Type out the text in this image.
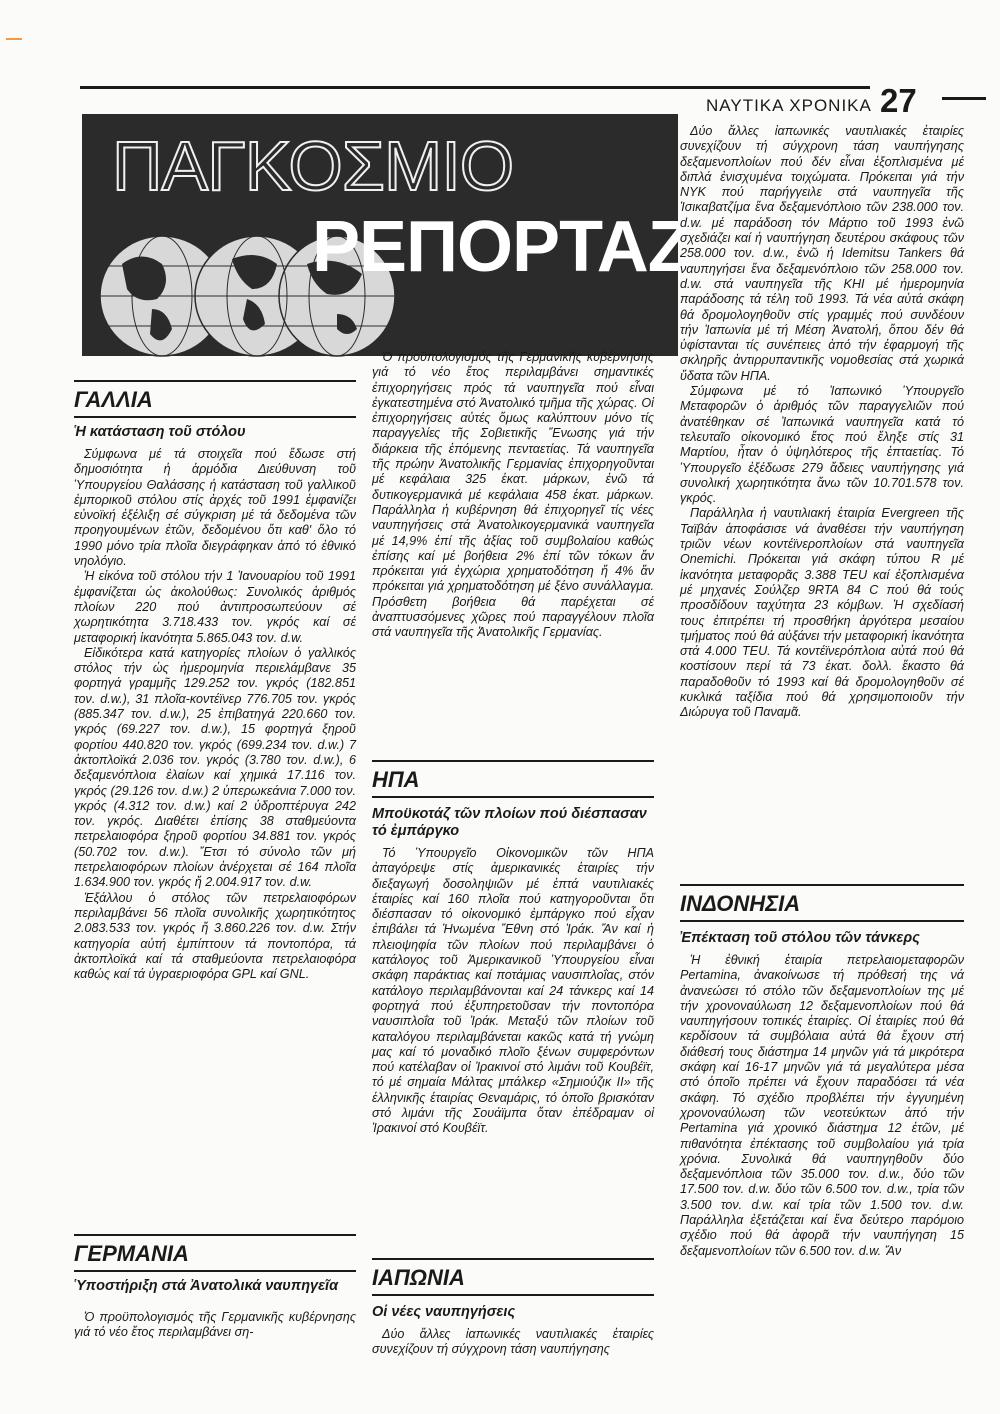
ΝΑΥΤΙΚΑ ΧΡΟΝΙΚΑ 27
ΠΑΓΚΟΣΜΙΟ
ΡΕΠΟΡΤΑΖ
ΓΑΛΛΙΑ
Ἡ κατάσταση τοῦ στόλου

Σύμφωνα μέ τά στοιχεῖα πού ἔδωσε στή δημοσιότητα ἡ ἁρμόδια Διεύθυνση τοῦ Ὑπουργείου Θαλάσσης ἡ κατάσταση τοῦ γαλλικοῦ ἐμπορικοῦ στόλου στίς ἀρχές τοῦ 1991 ἐμφανίζει εὐνοϊκή ἐξέλιξη σέ σύγκριση μέ τά δεδομένα τῶν προηγουμένων ἐτῶν, δεδομένου ὅτι καθ' ὅλο τό 1990 μόνο τρία πλοῖα διεγράφηκαν ἀπό τό ἐθνικό νηολόγιο.

Ἡ εἰκόνα τοῦ στόλου τήν 1 Ἰανουαρίου τοῦ 1991 ἐμφανίζεται ὡς ἀκολούθως: Συνολικός ἀριθμός πλοίων 220 πού ἀντιπροσωπεύουν σέ χωρητικότητα 3.718.433 τον. γκρός καί σέ μεταφορική ἱκανότητα 5.865.043 τον. d.w.

Εἰδικότερα κατά κατηγορίες πλοίων ὁ γαλλικός στόλος τήν ὡς ἡμερομηνία περιελάμβανε 35 φορτηγά γραμμῆς 129.252 τον. γκρός (182.851 τον. d.w.), 31 πλοῖα-κοντέϊνερ 776.705 τον. γκρός (885.347 τον. d.w.), 25 ἐπιβατηγά 220.660 τον. γκρός (69.227 τον. d.w.), 15 φορτηγά ξηροῦ φορτίου 440.820 τον. γκρός (699.234 τον. d.w.) 7 ἀκτοπλοϊκά 2.036 τον. γκρός (3.780 τον. d.w.), 6 δεξαμενόπλοια ἐλαίων καί χημικά 17.116 τον. γκρός (29.126 τον. d.w.) 2 ὑπερωκεάνια 7.000 τον. γκρός (4.312 τον. d.w.) καί 2 ὑδροπτέρυγα 242 τον. γκρός. Διαθέτει ἐπίσης 38 σταθμεύοντα πετρελαιοφόρα ξηροῦ φορτίου 34.881 τον. γκρός (50.702 τον. d.w.). Ἔτσι τό σύνολο τῶν μή πετρελαιοφόρων πλοίων ἀνέρχεται σέ 164 πλοῖα 1.634.900 τον. γκρός ἤ 2.004.917 τον. d.w.

Ἐξάλλου ὁ στόλος τῶν πετρελαιοφόρων περιλαμβάνει 56 πλοῖα συνολικῆς χωρητικότητος 2.083.533 τον. γκρός ἤ 3.860.226 τον. d.w. Στήν κατηγορία αὐτή ἐμπίπτουν τά ποντοπόρα, τά ἀκτοπλοϊκά καί τά σταθμεύοντα πετρελαιοφόρα καθώς καί τά ὑγραεριοφόρα GPL καί GNL.

ΓΕΡΜΑΝΙΑ
Ὑποστήριξη στά Ἀνατολικά ναυπηγεῖα

Ὁ προϋπολογισμός τῆς Γερμανικῆς κυβέρνησης γιά τό νέο ἔτος περιλαμβάνει ση-

Ὁ προϋπολογισμός τῆς Γερμανικῆς κυβέρνησης γιά τό νέο ἔτος περιλαμβάνει σημαντικές ἐπιχορηγήσεις πρός τά ναυπηγεῖα πού εἶναι ἐγκατεστημένα στό Ἀνατολικό τμῆμα τῆς χώρας. Οἱ ἐπιχορηγήσεις αὐτές ὅμως καλύπτουν μόνο τίς παραγγελίες τῆς Σοβιετικῆς Ἕνωσης γιά τήν διάρκεια τῆς ἑπόμενης πενταετίας. Τά ναυπηγεῖα τῆς πρώην Ἀνατολικῆς Γερμανίας ἐπιχορηγοῦνται μέ κεφάλαια 325 ἑκατ. μάρκων, ἐνῶ τά δυτικογερμανικά μέ κεφάλαια 458 ἑκατ. μάρκων. Παράλληλα ἡ κυβέρνηση θά ἐπιχορηγεῖ τίς νέες ναυπηγήσεις στά Ἀνατολικογερμανικά ναυπηγεῖα μέ 14,9% ἐπί τῆς ἀξίας τοῦ συμβολαίου καθώς ἐπίσης καί μέ βοήθεια 2% ἐπί τῶν τόκων ἄν πρόκειται γιά ἐγχώρια χρηματοδότηση ἤ 4% ἄν πρόκειται γιά χρηματοδότηση μέ ξένο συνάλλαγμα. Πρόσθετη βοήθεια θά παρέχεται σέ ἀναπτυσσόμενες χῶρες πού παραγγέλουν πλοῖα στά ναυπηγεῖα τῆς Ἀνατολικῆς Γερμανίας.

ΗΠΑ
Μποϋκοτάζ τῶν πλοίων πού διέσπασαν τό ἐμπάργκο

Τό Ὑπουργεῖο Οἰκονομικῶν τῶν ΗΠΑ ἀπαγόρεψε στίς ἀμερικανικές ἑταιρίες τήν διεξαγωγή δοσοληψιῶν μέ ἑπτά ναυτιλιακές ἑταιρίες καί 160 πλοῖα πού κατηγοροῦνται ὅτι διέσπασαν τό οἰκονομικό ἐμπάργκο πού εἶχαν ἐπιβάλει τά Ἡνωμένα Ἔθνη στό Ἰράκ. Ἄν καί ἡ πλειοψηφία τῶν πλοίων πού περιλαμβάνει ὁ κατάλογος τοῦ Ἀμερικανικοῦ Ὑπουργείου εἶναι σκάφη παράκτιας καί ποτάμιας ναυσιπλοΐας, στόν κατάλογο περιλαμβάνονται καί 24 τάνκερς καί 14 φορτηγά πού ἐξυπηρετοῦσαν τήν ποντοπόρα ναυσιπλοΐα τοῦ Ἰράκ. Μεταξύ τῶν πλοίων τοῦ καταλόγου περιλαμβάνεται κακῶς κατά τή γνώμη μας καί τό μοναδικό πλοῖο ξένων συμφερόντων πού κατέλαβαν οἱ Ἰρακινοί στό λιμάνι τοῦ Κουβέϊτ, τό μέ σημαία Μάλτας μπάλκερ «Σημιούζικ ΙΙ» τῆς ἑλληνικῆς ἑταιρίας Θεναμάρις, τό ὁποῖο βρισκόταν στό λιμάνι τῆς Σουάϊμπα ὅταν ἐπέδραμαν οἱ Ἰρακινοί στό Κουβέϊτ.

ΙΑΠΩΝΙΑ
Οἱ νέες ναυπηγήσεις

Δύο ἄλλες ἰαπωνικές ναυτιλιακές ἑταιρίες συνεχίζουν τή σύγχρονη τάση ναυπήγησης

Δύο ἄλλες ἰαπωνικές ναυτιλιακές ἑταιρίες συνεχίζουν τή σύγχρονη τάση ναυπήγησης δεξαμενοπλοίων πού δέν εἶναι ἐξοπλισμένα μέ διπλά ἐνισχυμένα τοιχώματα. Πρόκειται γιά τήν NYK πού παρήγγειλε στά ναυπηγεῖα τῆς Ἰσικαβατζίμα ἕνα δεξαμενόπλοιο τῶν 238.000 τον. d.w. μέ παράδοση τόν Μάρτιο τοῦ 1993 ἐνῶ σχεδιάζει καί ἡ ναυπήγηση δευτέρου σκάφους τῶν 258.000 τον. d.w., ἐνῶ ἡ Idemitsu Tankers θά ναυπηγήσει ἕνα δεξαμενόπλοιο τῶν 258.000 τον. d.w. στά ναυπηγεῖα τῆς ΚΗΙ μέ ἡμερομηνία παράδοσης τά τέλη τοῦ 1993. Τά νέα αὐτά σκάφη θά δρομολογηθοῦν στίς γραμμές πού συνδέουν τήν Ἰαπωνία μέ τή Μέση Ἀνατολή, ὅπου δέν θά ὑφίστανται τίς συνέπειες ἀπό τήν ἐφαρμογή τῆς σκληρῆς ἀντιρρυπαντικῆς νομοθεσίας στά χωρικά ὕδατα τῶν ΗΠΑ.

Σύμφωνα μέ τό Ἰαπωνικό Ὑπουργεῖο Μεταφορῶν ὁ ἀριθμός τῶν παραγγελιῶν πού ἀνατέθηκαν σέ Ἰαπωνικά ναυπηγεῖα κατά τό τελευταῖο οἰκονομικό ἔτος πού ἔληξε στίς 31 Μαρτίου, ἦταν ὁ ὑψηλότερος τῆς ἑπταετίας. Τό Ὑπουργεῖο ἐξέδωσε 279 ἄδειες ναυπήγησης γιά συνολική χωρητικότητα ἄνω τῶν 10.701.578 τον. γκρός.

Παράλληλα ἡ ναυτιλιακή ἑταιρία Evergreen τῆς Ταϊβάν ἀποφάσισε νά ἀναθέσει τήν ναυπήγηση τριῶν νέων κοντέϊνεροπλοίων στά ναυπηγεῖα Onemichi. Πρόκειται γιά σκάφη τύπου R μέ ἱκανότητα μεταφορᾶς 3.388 TEU καί ἐξοπλισμένα μέ μηχανές Σούλζερ 9RTA 84 C πού θά τούς προσδίδουν ταχύτητα 23 κόμβων. Ἡ σχεδίασή τους ἐπιτρέπει τή προσθήκη ἀργότερα μεσαίου τμήματος πού θά αὐξάνει τήν μεταφορική ἱκανότητα στά 4.000 TEU. Τά κοντέϊνερόπλοια αὐτά πού θά κοστίσουν περί τά 73 ἑκατ. δολλ. ἕκαστο θά παραδοθοῦν τό 1993 καί θά δρομολογηθοῦν σέ κυκλικά ταξίδια πού θά χρησιμοποιοῦν τήν Διώρυγα τοῦ Παναμᾶ.

ΙΝΔΟΝΗΣΙΑ
Ἐπέκταση τοῦ στόλου τῶν τάνκερς

Ἡ ἐθνική ἑταιρία πετρελαιομεταφορῶν Pertamina, ἀνακοίνωσε τή πρόθεσή της νά ἀνανεώσει τό στόλο τῶν δεξαμενοπλοίων της μέ τήν χρονοναύλωση 12 δεξαμενοπλοίων πού θά ναυπηγήσουν τοπικές ἑταιρίες. Οἱ ἑταιρίες πού θά κερδίσουν τά συμβόλαια αὐτά θά ἔχουν στή διάθεσή τους διάστημα 14 μηνῶν γιά τά μικρότερα σκάφη καί 16-17 μηνῶν γιά τά μεγαλύτερα μέσα στό ὁποῖο πρέπει νά ἔχουν παραδόσει τά νέα σκάφη. Τό σχέδιο προβλέπει τήν ἐγγυημένη χρονοναύλωση τῶν νεοτεύκτων ἀπό τήν Pertamina γιά χρονικό διάστημα 12 ἐτῶν, μέ πιθανότητα ἐπέκτασης τοῦ συμβολαίου γιά τρία χρόνια. Συνολικά θά ναυπηγηθοῦν δύο δεξαμενόπλοια τῶν 35.000 τον. d.w., δύο τῶν 17.500 τον. d.w. δύο τῶν 6.500 τον. d.w., τρία τῶν 3.500 τον. d.w. καί τρία τῶν 1.500 τον. d.w. Παράλληλα ἐξετάζεται καί ἕνα δεύτερο παρόμοιο σχέδιο πού θά ἀφορᾶ τήν ναυπήγηση 15 δεξαμενοπλοίων τῶν 6.500 τον. d.w. Ἄν
